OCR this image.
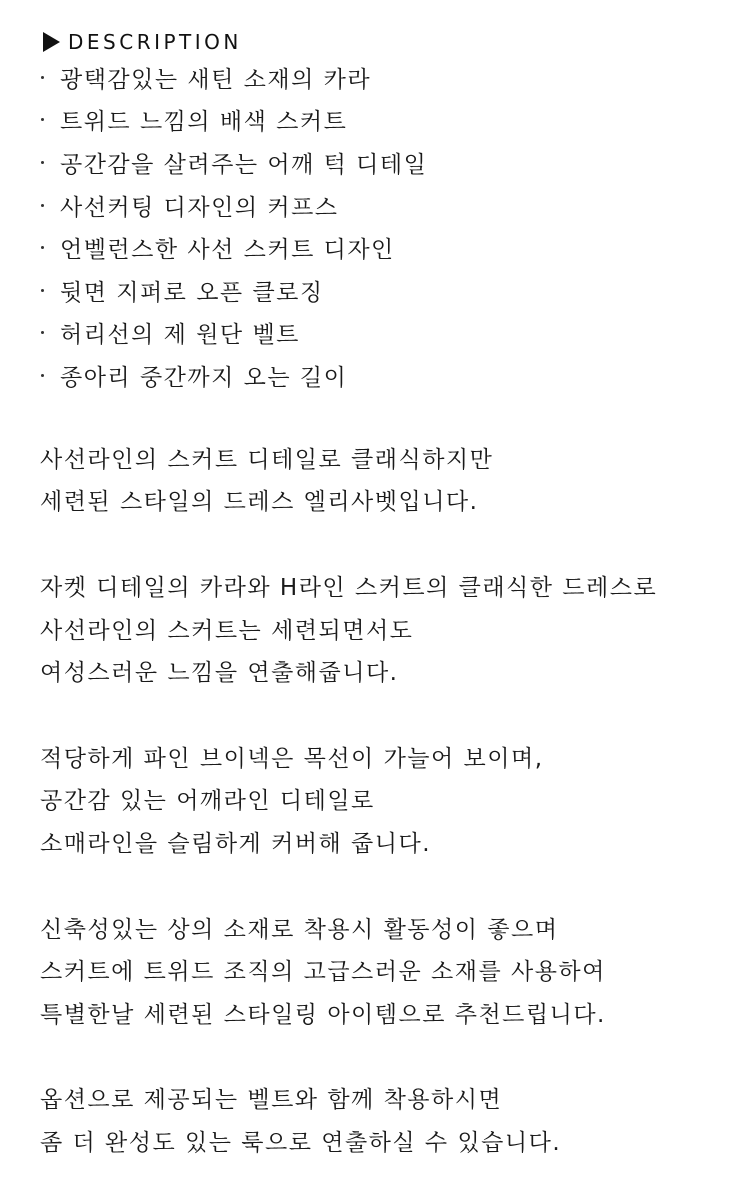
DESCRIPTION
광택감있는 새틴 소재의 카라
트위드 느낌의 배색 스커트
공간감을 살려주는 어깨 턱 디테일
사선커팅 디자인의 커프스
언벨런스한 사선 스커트 디자인
뒷면 지퍼로 오픈 클로징
허리선의 제 원단 벨트
종아리 중간까지 오는 길이
사선라인의 스커트 디테일로 클래식하지만
세련된 스타일의 드레스 엘리사벳입니다.
자켓 디테일의 카라와 H라인 스커트의 클래식한 드레스로
사선라인의 스커트는 세련되면서도
여성스러운 느낌을 연출해줍니다.
적당하게 파인 브이넥은 목선이 가늘어 보이며,
공간감 있는 어깨라인 디테일로
소매라인을 슬림하게 커버해 줍니다.
신축성있는 상의 소재로 착용시 활동성이 좋으며
스커트에 트위드 조직의 고급스러운 소재를 사용하여
특별한날 세련된 스타일링 아이템으로 추천드립니다.
옵션으로 제공되는 벨트와 함께 착용하시면
좀 더 완성도 있는 룩으로 연출하실 수 있습니다.
